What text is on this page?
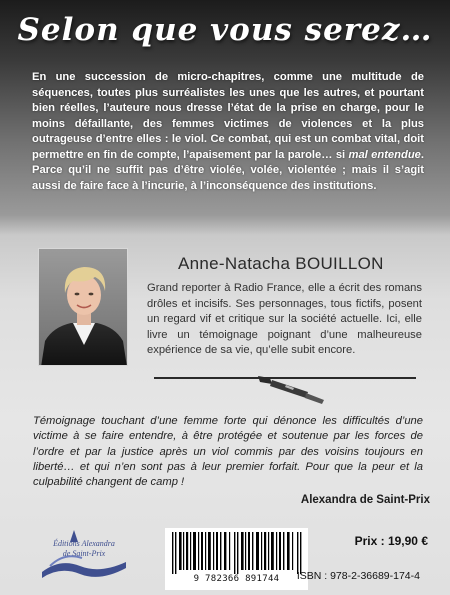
Selon que vous serez…
En une succession de micro-chapitres, comme une multitude de séquences, toutes plus surréalistes les unes que les autres, et pourtant bien réelles, l’auteure nous dresse l’état de la prise en charge, pour le moins défaillante, des femmes victimes de violences et la plus outrageuse d’entre elles : le viol. Ce combat, qui est un combat vital, doit permettre en fin de compte, l’apaisement par la parole… si mal entendue. Parce qu’il ne suffit pas d’être violée, volée, violentée ; mais il s’agit aussi de faire face à l’incurie, à l’inconséquence des institutions.
Anne-Natacha BOUILLON
Grand reporter à Radio France, elle a écrit des romans drôles et incisifs. Ses personnages, tous fictifs, posent un regard vif et critique sur la société actuelle. Ici, elle livre un témoignage poignant d’une malheureuse expérience de sa vie, qu’elle subit encore.
Témoignage touchant d’une femme forte qui dénonce les difficultés d’une victime à se faire entendre, à être protégée et soutenue par les forces de l’ordre et par la justice après un viol commis par des voisins toujours en liberté… et qui n’en sont pas à leur premier forfait. Pour que la peur et la culpabilité changent de camp !
Alexandra de Saint-Prix
Éditions Alexandra
de Saint-Prix
9 782366 891744
Prix : 19,90 €
ISBN : 978-2-36689-174-4
